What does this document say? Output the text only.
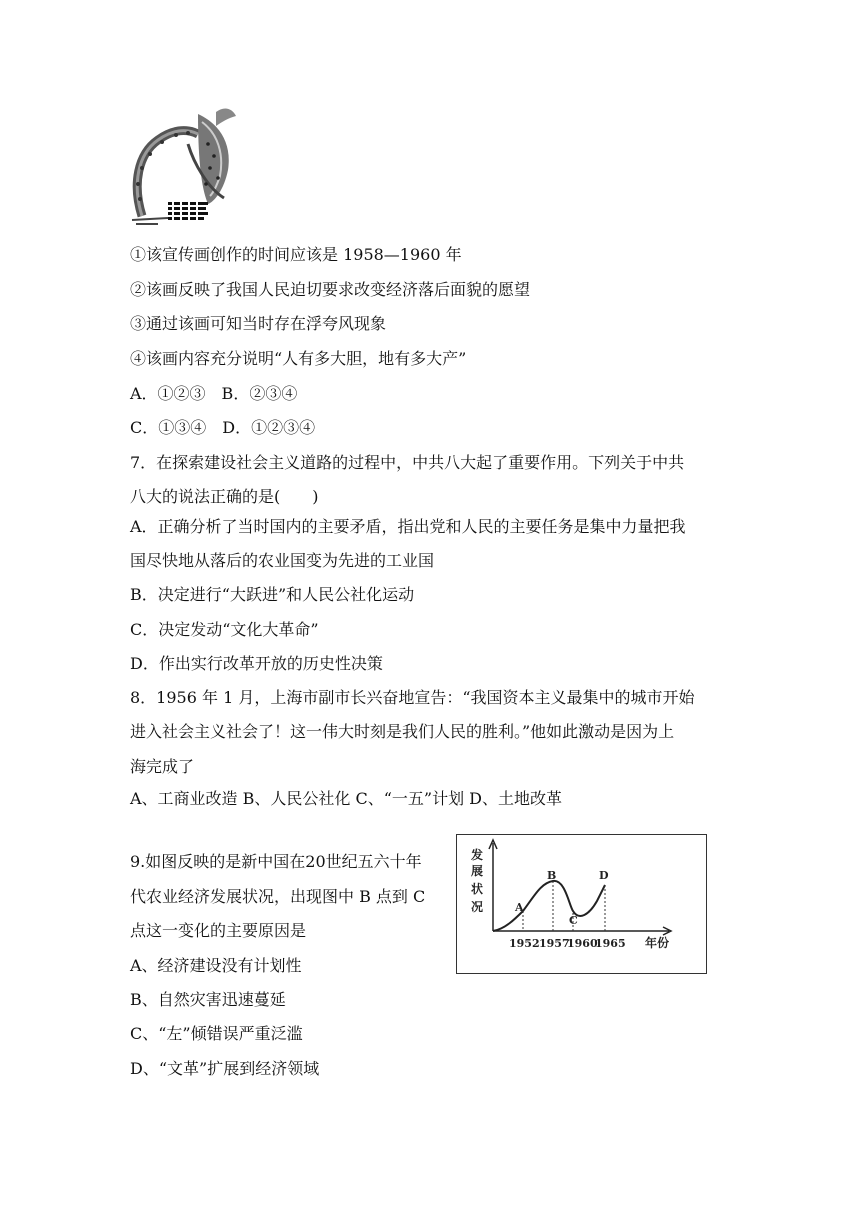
①该宣传画创作的时间应该是 1958—1960 年
②该画反映了我国人民迫切要求改变经济落后面貌的愿望
③通过该画可知当时存在浮夸风现象
④该画内容充分说明“人有多大胆，地有多大产”
A．①②③　B．②③④
C．①③④　D．①②③④
7．在探索建设社会主义道路的过程中，中共八大起了重要作用。下列关于中共
八大的说法正确的是(　　)
A．正确分析了当时国内的主要矛盾，指出党和人民的主要任务是集中力量把我
国尽快地从落后的农业国变为先进的工业国
B．决定进行“大跃进”和人民公社化运动
C．决定发动“文化大革命”
D．作出实行改革开放的历史性决策
8．1956 年 1 月，上海市副市长兴奋地宣告：“我国资本主义最集中的城市开始
进入社会主义社会了！这一伟大时刻是我们人民的胜利。”他如此激动是因为上
海完成了
A、工商业改造 B、人民公社化 C、“一五”计划 D、土地改革
9.如图反映的是新中国在20世纪五六十年
代农业经济发展状况，出现图中 B 点到 C
点这一变化的主要原因是
A、经济建设没有计划性
B、自然灾害迅速蔓延
C、“左”倾错误严重泛滥
D、“文革”扩展到经济领域
发
展
状
况	A
B
C
D
1952 1957
1960
1965 年份
